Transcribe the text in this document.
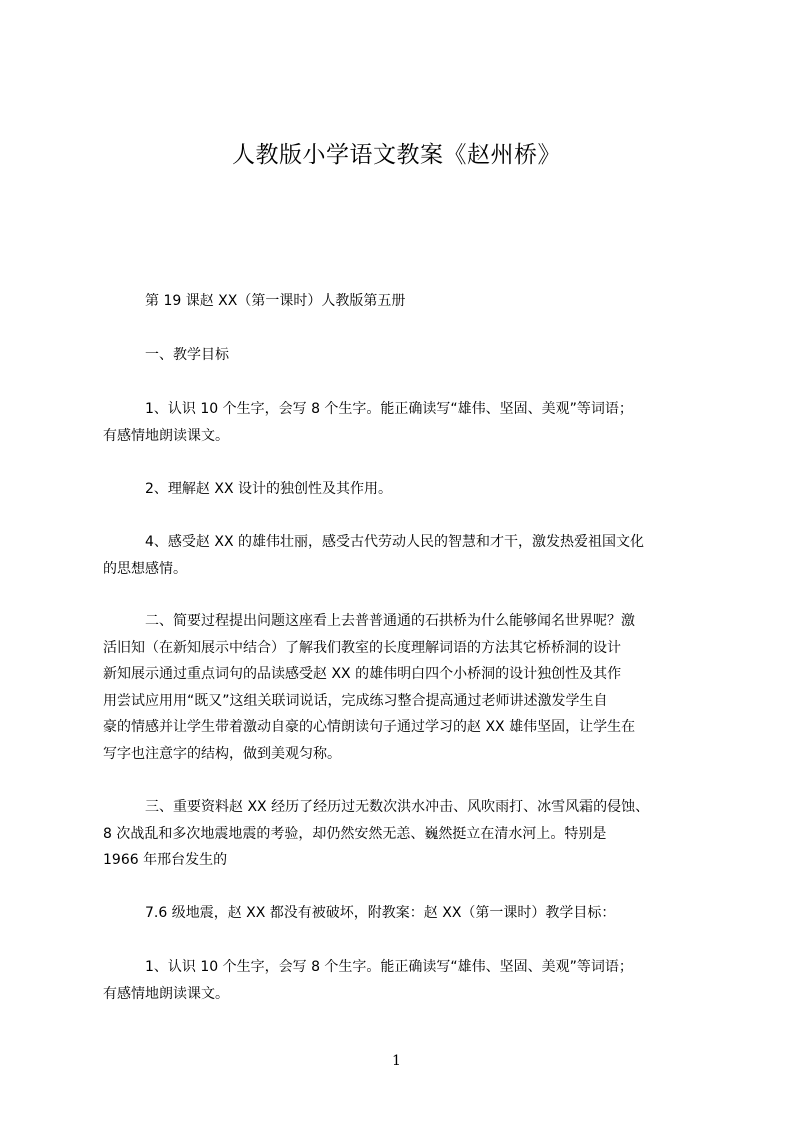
人教版小学语文教案《赵州桥》
　　　第 19 课赵 XX（第一课时）人教版第五册
　　　一、教学目标
　　　1、认识 10 个生字，会写 8 个生字。能正确读写“雄伟、坚固、美观”等词语；
有感情地朗读课文。
　　　2、理解赵 XX 设计的独创性及其作用。
　　　4、感受赵 XX 的雄伟壮丽，感受古代劳动人民的智慧和才干，激发热爱祖国文化
的思想感情。
　　　二、简要过程提出问题这座看上去普普通通的石拱桥为什么能够闻名世界呢？激
活旧知（在新知展示中结合）了解我们教室的长度理解词语的方法其它桥桥洞的设计
新知展示通过重点词句的品读感受赵 XX 的雄伟明白四个小桥洞的设计独创性及其作
用尝试应用用“既又”这组关联词说话，完成练习整合提高通过老师讲述激发学生自
豪的情感并让学生带着激动自豪的心情朗读句子通过学习的赵 XX 雄伟坚固，让学生在
写字也注意字的结构，做到美观匀称。
　　　三、重要资料赵 XX 经历了经历过无数次洪水冲击、风吹雨打、冰雪风霜的侵蚀、
8 次战乱和多次地震地震的考验，却仍然安然无恙、巍然挺立在清水河上。特别是
1966 年邢台发生的
　　　7.6 级地震，赵 XX 都没有被破坏，附教案：赵 XX（第一课时）教学目标：
　　　1、认识 10 个生字，会写 8 个生字。能正确读写“雄伟、坚固、美观”等词语；
有感情地朗读课文。
1
